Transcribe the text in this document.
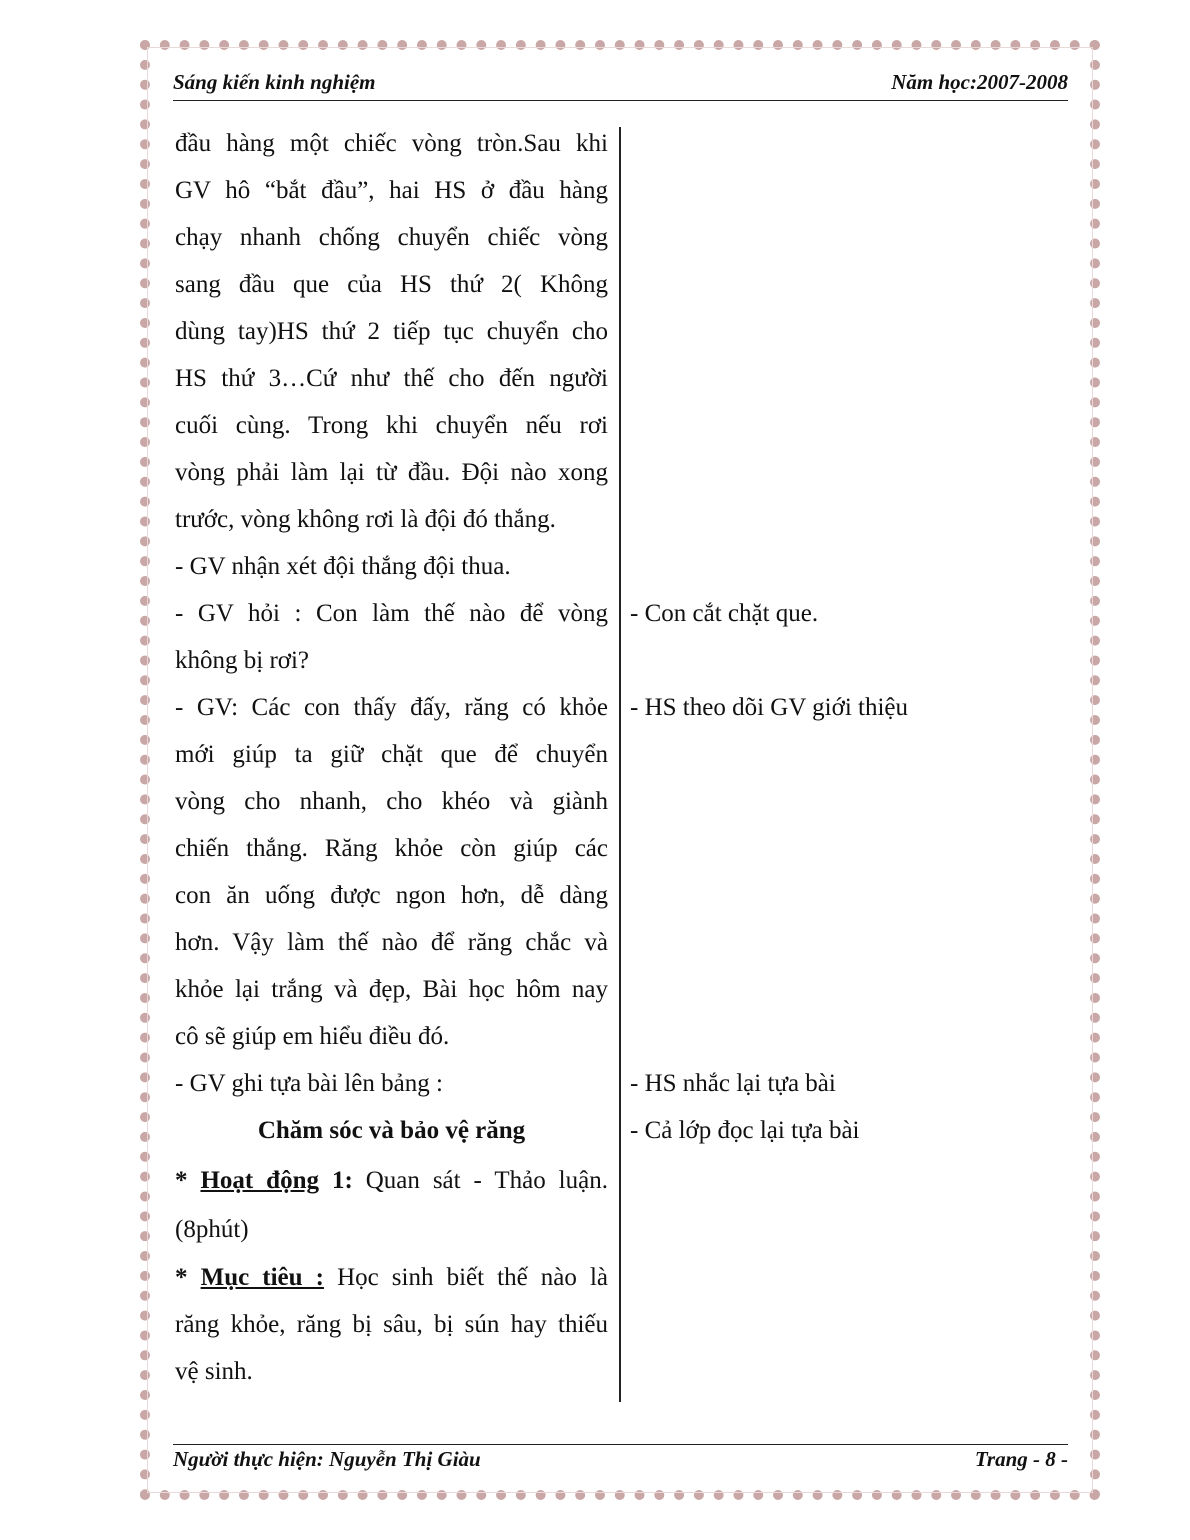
Sáng kiến kinh nghiệm	Năm học:2007-2008
đầu hàng một chiếc vòng tròn.Sau khi
GV hô “bắt đầu”, hai HS ở đầu hàng
chạy nhanh chống chuyển chiếc vòng
sang đầu que của HS thứ 2( Không
dùng tay)HS thứ 2 tiếp tục chuyển cho
HS thứ 3…Cứ như thế cho đến người
cuối cùng. Trong khi chuyển nếu rơi
vòng phải làm lại từ đầu. Đội nào xong
trước, vòng không rơi là đội đó thắng.
- GV nhận xét đội thắng đội thua.
- GV hỏi : Con làm thế nào để vòng
không bị rơi?
- GV: Các con thấy đấy, răng có khỏe
mới giúp ta giữ chặt que để chuyển
vòng cho nhanh, cho khéo và giành
chiến thắng. Răng khỏe còn giúp các
con ăn uống được ngon hơn, dễ dàng
hơn. Vậy làm thế nào để răng chắc và
khỏe lại trắng và đẹp, Bài học hôm nay
cô sẽ giúp em hiểu điều đó.
- GV ghi tựa bài lên bảng :
Chăm sóc và bảo vệ răng
* Hoạt động 1: Quan sát - Thảo luận.
(8phút)
* Mục tiêu : Học sinh biết thế nào là
răng khỏe, răng bị sâu, bị sún hay thiếu
vệ sinh.
- Con cắt chặt que.
- HS theo dõi GV giới thiệu
- HS nhắc lại tựa bài
- Cả lớp đọc lại tựa bài
Người thực hiện: Nguyễn Thị Giàu	Trang - 8 -
